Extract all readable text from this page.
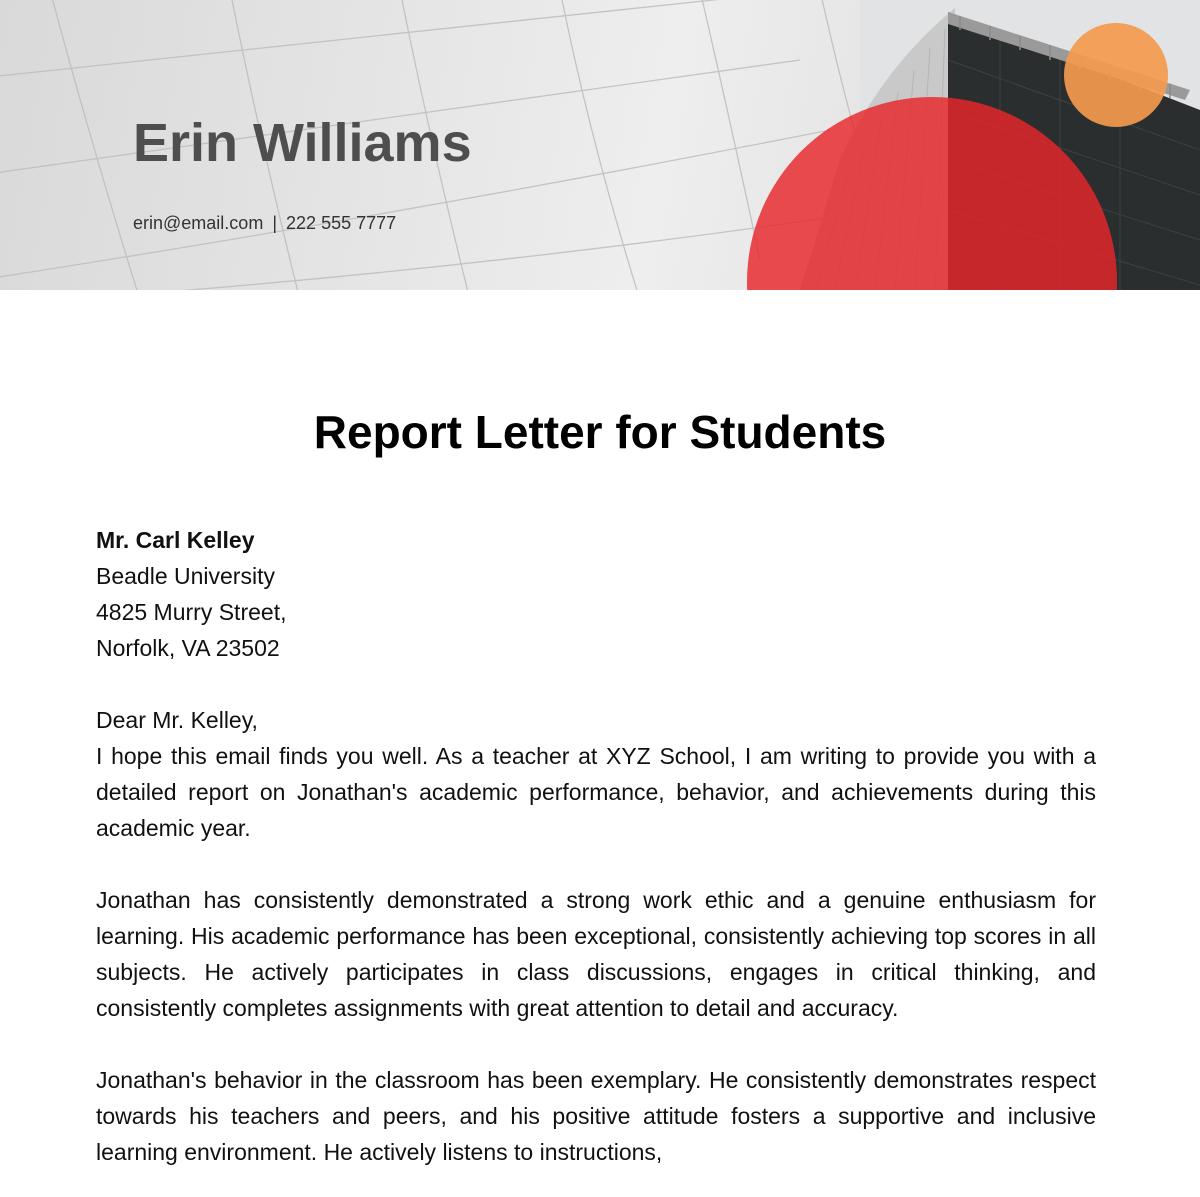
Erin Williams
erin@email.com | 222 555 7777
Report Letter for Students

Mr. Carl Kelley

Beadle University

4825 Murry Street,

Norfolk, VA 23502

Dear Mr. Kelley,

I hope this email finds you well. As a teacher at XYZ School, I am writing to provide you with a detailed report on Jonathan's academic performance, behavior, and achievements during this academic year.

Jonathan has consistently demonstrated a strong work ethic and a genuine enthusiasm for learning. His academic performance has been exceptional, consistently achieving top scores in all subjects. He actively participates in class discussions, engages in critical thinking, and consistently completes assignments with great attention to detail and accuracy.

Jonathan's behavior in the classroom has been exemplary. He consistently demonstrates respect towards his teachers and peers, and his positive attitude fosters a supportive and inclusive learning environment. He actively listens to instructions,
